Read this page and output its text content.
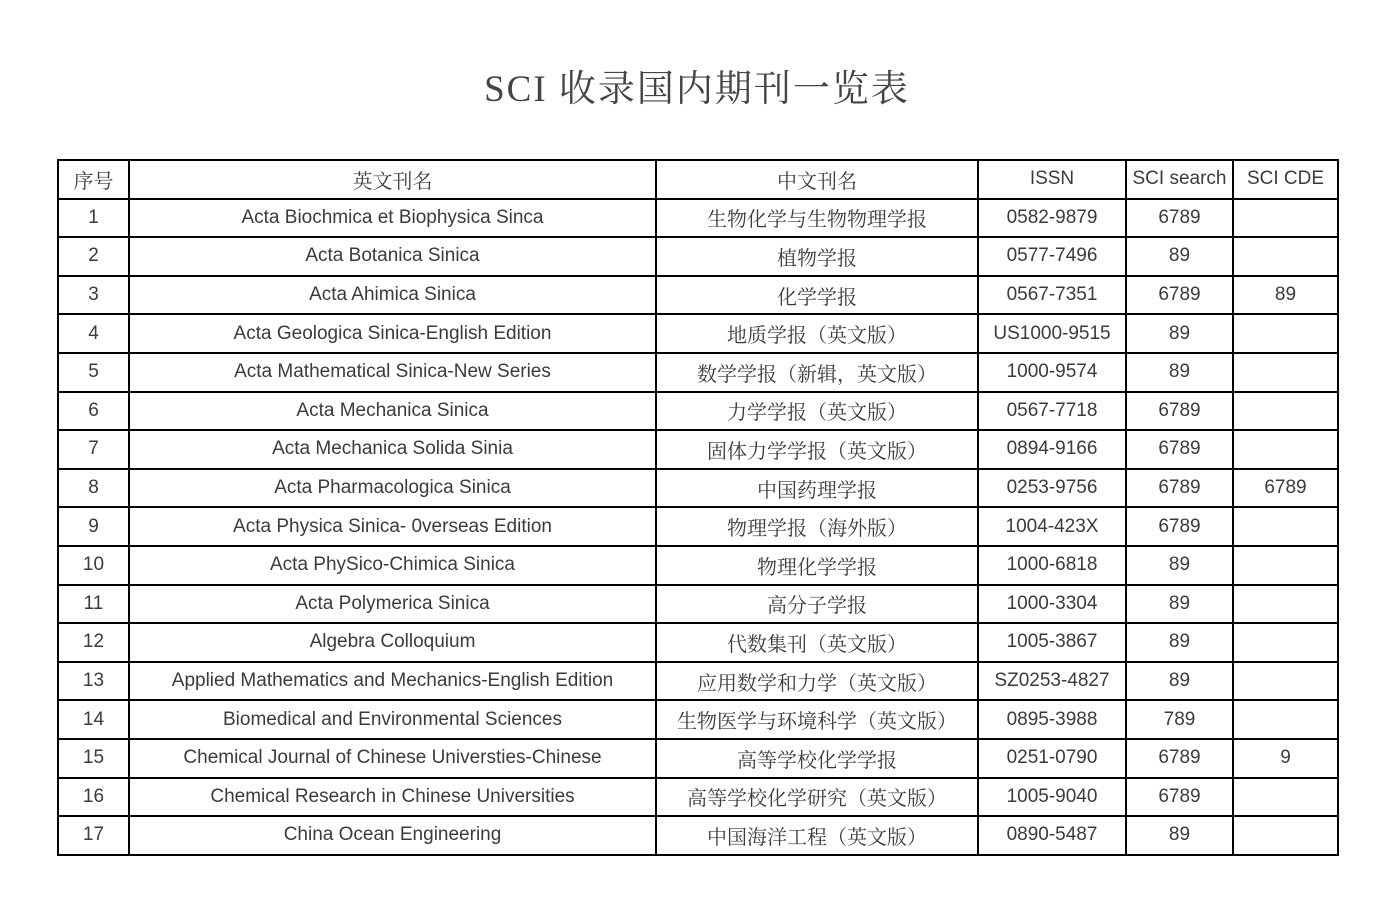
SCI 收录国内期刊一览表
序号	英文刊名	中文刊名	ISSN	SCI search	SCI CDE
1	Acta Biochmica et Biophysica Sinca	生物化学与生物物理学报	0582-9879	6789	
2	Acta Botanica Sinica	植物学报	0577-7496	89	
3	Acta Ahimica Sinica	化学学报	0567-7351	6789	89
4	Acta Geologica Sinica-English Edition	地质学报（英文版）	US1000-9515	89	
5	Acta Mathematical Sinica-New Series	数学学报（新辑，英文版）	1000-9574	89	
6	Acta Mechanica Sinica	力学学报（英文版）	0567-7718	6789	
7	Acta Mechanica Solida Sinia	固体力学学报（英文版）	0894-9166	6789	
8	Acta Pharmacologica Sinica	中国药理学报	0253-9756	6789	6789
9	Acta Physica Sinica- 0verseas Edition	物理学报（海外版）	1004-423X	6789	
10	Acta PhySico-Chimica Sinica	物理化学学报	1000-6818	89	
11	Acta Polymerica Sinica	高分子学报	1000-3304	89	
12	Algebra Colloquium	代数集刊（英文版）	1005-3867	89	
13	Applied Mathematics and Mechanics-English Edition	应用数学和力学（英文版）	SZ0253-4827	89	
14	Biomedical and Environmental Sciences	生物医学与环境科学（英文版）	0895-3988	789	
15	Chemical Journal of Chinese Universties-Chinese	高等学校化学学报	0251-0790	6789	9
16	Chemical Research in Chinese Universities	高等学校化学研究（英文版）	1005-9040	6789	
17	China Ocean Engineering	中国海洋工程（英文版）	0890-5487	89	
